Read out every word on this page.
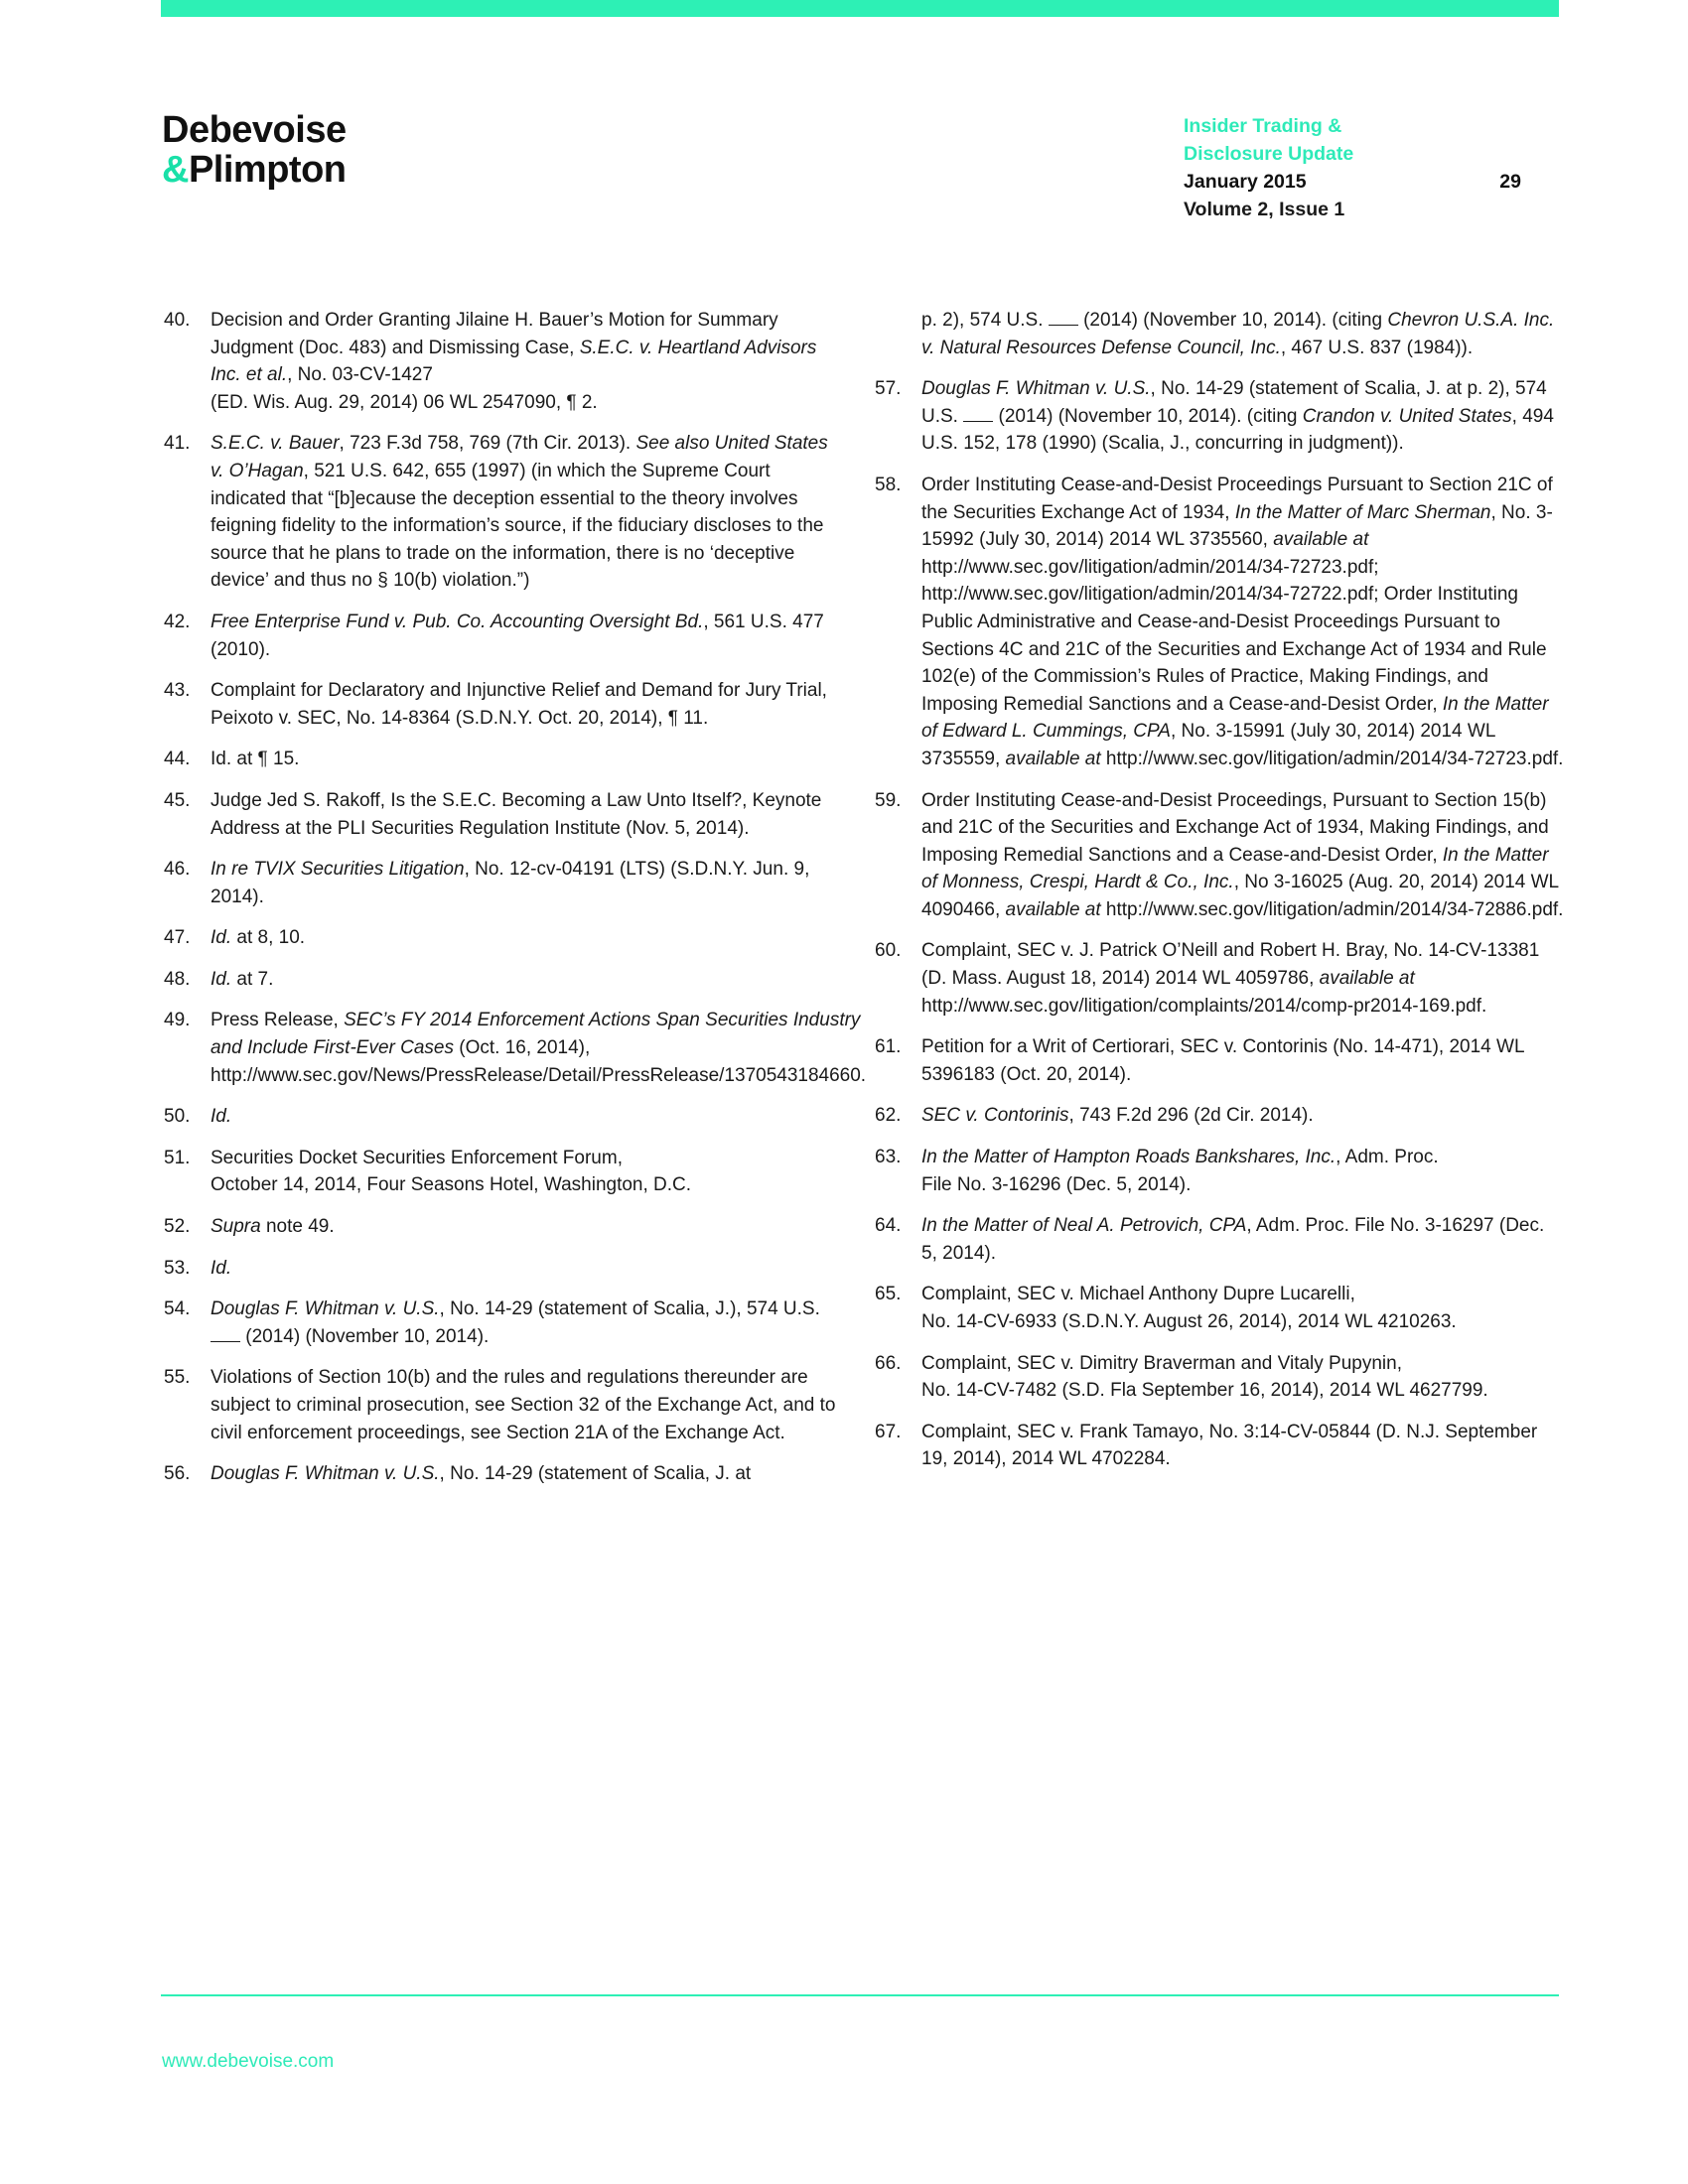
Debevoise
&Plimpton
Insider Trading &
Disclosure Update
January 2015	29
Volume 2, Issue 1
40.	Decision and Order Granting Jilaine H. Bauer’s Motion for Summary Judgment (Doc. 483) and Dismissing Case, S.E.C. v. Heartland Advisors Inc. et al., No. 03-CV-1427
(ED. Wis. Aug. 29, 2014) 06 WL 2547090, ¶ 2.
41.	S.E.C. v. Bauer, 723 F.3d 758, 769 (7th Cir. 2013). See also United States v. O’Hagan, 521 U.S. 642, 655 (1997) (in which the Supreme Court indicated that “[b]ecause the deception essential to the theory involves feigning fidelity to the information’s source, if the fiduciary discloses to the source that he plans to trade on the information, there is no ‘deceptive device’ and thus no § 10(b) violation.”)
42.	Free Enterprise Fund v. Pub. Co. Accounting Oversight Bd., 561 U.S. 477 (2010).
43.	Complaint for Declaratory and Injunctive Relief and Demand for Jury Trial, Peixoto v. SEC, No. 14-8364 (S.D.N.Y. Oct. 20, 2014), ¶ 11.
44.	Id. at ¶ 15.
45.	Judge Jed S. Rakoff, Is the S.E.C. Becoming a Law Unto Itself?, Keynote Address at the PLI Securities Regulation Institute (Nov. 5, 2014).
46.	In re TVIX Securities Litigation, No. 12-cv-04191 (LTS) (S.D.N.Y. Jun. 9, 2014).
47.	Id. at 8, 10.
48.	Id. at 7.
49.	Press Release, SEC’s FY 2014 Enforcement Actions Span Securities Industry and Include First-Ever Cases (Oct. 16, 2014), http://www.sec.gov/News/PressRelease/Detail/PressRelease/1370543184660.
50.	Id.
51.	Securities Docket Securities Enforcement Forum,
October 14, 2014, Four Seasons Hotel, Washington, D.C.
52.	Supra note 49.
53.	Id.
54.	Douglas F. Whitman v. U.S., No. 14-29 (statement of Scalia, J.), 574 U.S.  (2014) (November 10, 2014).
55.	Violations of Section 10(b) and the rules and regulations thereunder are subject to criminal prosecution, see Section 32 of the Exchange Act, and to civil enforcement proceedings, see Section 21A of the Exchange Act.
56.	Douglas F. Whitman v. U.S., No. 14-29 (statement of Scalia, J. at
p. 2), 574 U.S.  (2014) (November 10, 2014). (citing Chevron U.S.A. Inc. v. Natural Resources Defense Council, Inc., 467 U.S. 837 (1984)).
57.	Douglas F. Whitman v. U.S., No. 14-29 (statement of Scalia, J. at p. 2), 574 U.S.  (2014) (November 10, 2014). (citing Crandon v. United States, 494 U.S. 152, 178 (1990) (Scalia, J., concurring in judgment)).
58.	Order Instituting Cease-and-Desist Proceedings Pursuant to Section 21C of the Securities Exchange Act of 1934, In the Matter of Marc Sherman, No. 3-15992 (July 30, 2014) 2014 WL 3735560, available at http://www.sec.gov/litigation/admin/2014/34-72723.pdf; http://www.sec.gov/litigation/admin/2014/34-72722.pdf; Order Instituting Public Administrative and Cease-and-Desist Proceedings Pursuant to Sections 4C and 21C of the Securities and Exchange Act of 1934 and Rule 102(e) of the Commission’s Rules of Practice, Making Findings, and Imposing Remedial Sanctions and a Cease-and-Desist Order, In the Matter of Edward L. Cummings, CPA, No. 3-15991 (July 30, 2014) 2014 WL 3735559, available at http://www.sec.gov/litigation/admin/2014/34-72723.pdf.
59.	Order Instituting Cease-and-Desist Proceedings, Pursuant to Section 15(b) and 21C of the Securities and Exchange Act of 1934, Making Findings, and Imposing Remedial Sanctions and a Cease-and-Desist Order, In the Matter of Monness, Crespi, Hardt & Co., Inc., No 3-16025 (Aug. 20, 2014) 2014 WL 4090466, available at http://www.sec.gov/litigation/admin/2014/34-72886.pdf.
60.	Complaint, SEC v. J. Patrick O’Neill and Robert H. Bray, No. 14-CV-13381 (D. Mass. August 18, 2014) 2014 WL 4059786, available at http://www.sec.gov/litigation/complaints/2014/comp-pr2014-169.pdf.
61.	Petition for a Writ of Certiorari, SEC v. Contorinis (No. 14-471), 2014 WL 5396183 (Oct. 20, 2014).
62.	SEC v. Contorinis, 743 F.2d 296 (2d Cir. 2014).
63.	In the Matter of Hampton Roads Bankshares, Inc., Adm. Proc.
File No. 3-16296 (Dec. 5, 2014).
64.	In the Matter of Neal A. Petrovich, CPA, Adm. Proc. File No. 3-16297 (Dec. 5, 2014).
65.	Complaint, SEC v. Michael Anthony Dupre Lucarelli,
No. 14-CV-6933 (S.D.N.Y. August 26, 2014), 2014 WL 4210263.
66.	Complaint, SEC v. Dimitry Braverman and Vitaly Pupynin,
No. 14-CV-7482 (S.D. Fla September 16, 2014), 2014 WL 4627799.
67.	Complaint, SEC v. Frank Tamayo, No. 3:14-CV-05844 (D. N.J. September 19, 2014), 2014 WL 4702284.
www.debevoise.com
